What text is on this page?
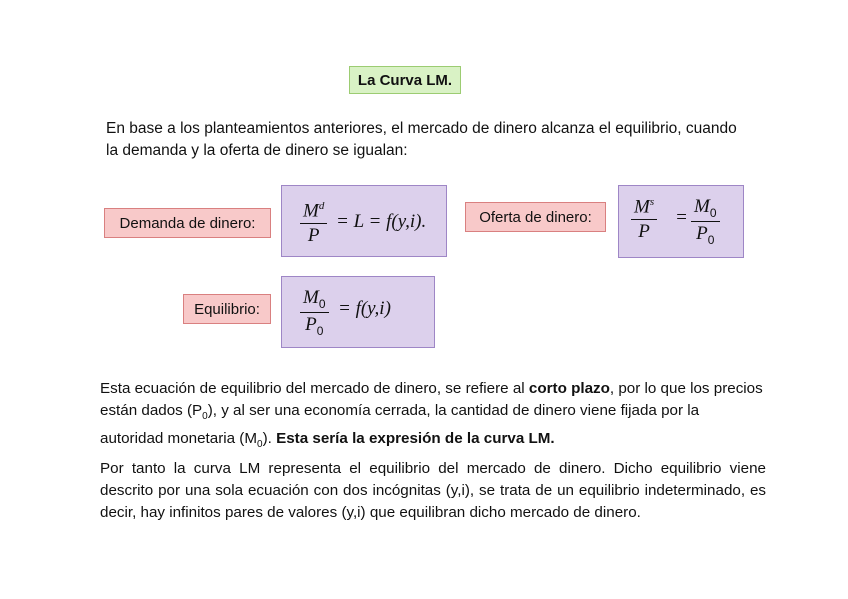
La Curva LM.
En base a los planteamientos anteriores, el mercado de dinero alcanza el equilibrio, cuando la demanda y la oferta de dinero se igualan:
Demanda de dinero:
$M^d$
P
= L = f(y,i).	Oferta de dinero: $M^s$
P
=
$M_0$
$P_0$
Equilibrio:
$M_0$
$P_0$
= f(y,i)
Esta ecuación de equilibrio del mercado de dinero, se refiere al corto plazo, por lo que los precios están dados $(P_0)$, y al ser una economía cerrada, la cantidad de dinero viene fijada por la autoridad monetaria $(M_0)$. Esta sería la expresión de la curva LM.
Por tanto la curva LM representa el equilibrio del mercado de dinero. Dicho equilibrio viene descrito por una sola ecuación con dos incógnitas (y,i), se trata de un equilibrio indeterminado, es decir, hay infinitos pares de valores (y,i) que equilibran dicho mercado de dinero.
